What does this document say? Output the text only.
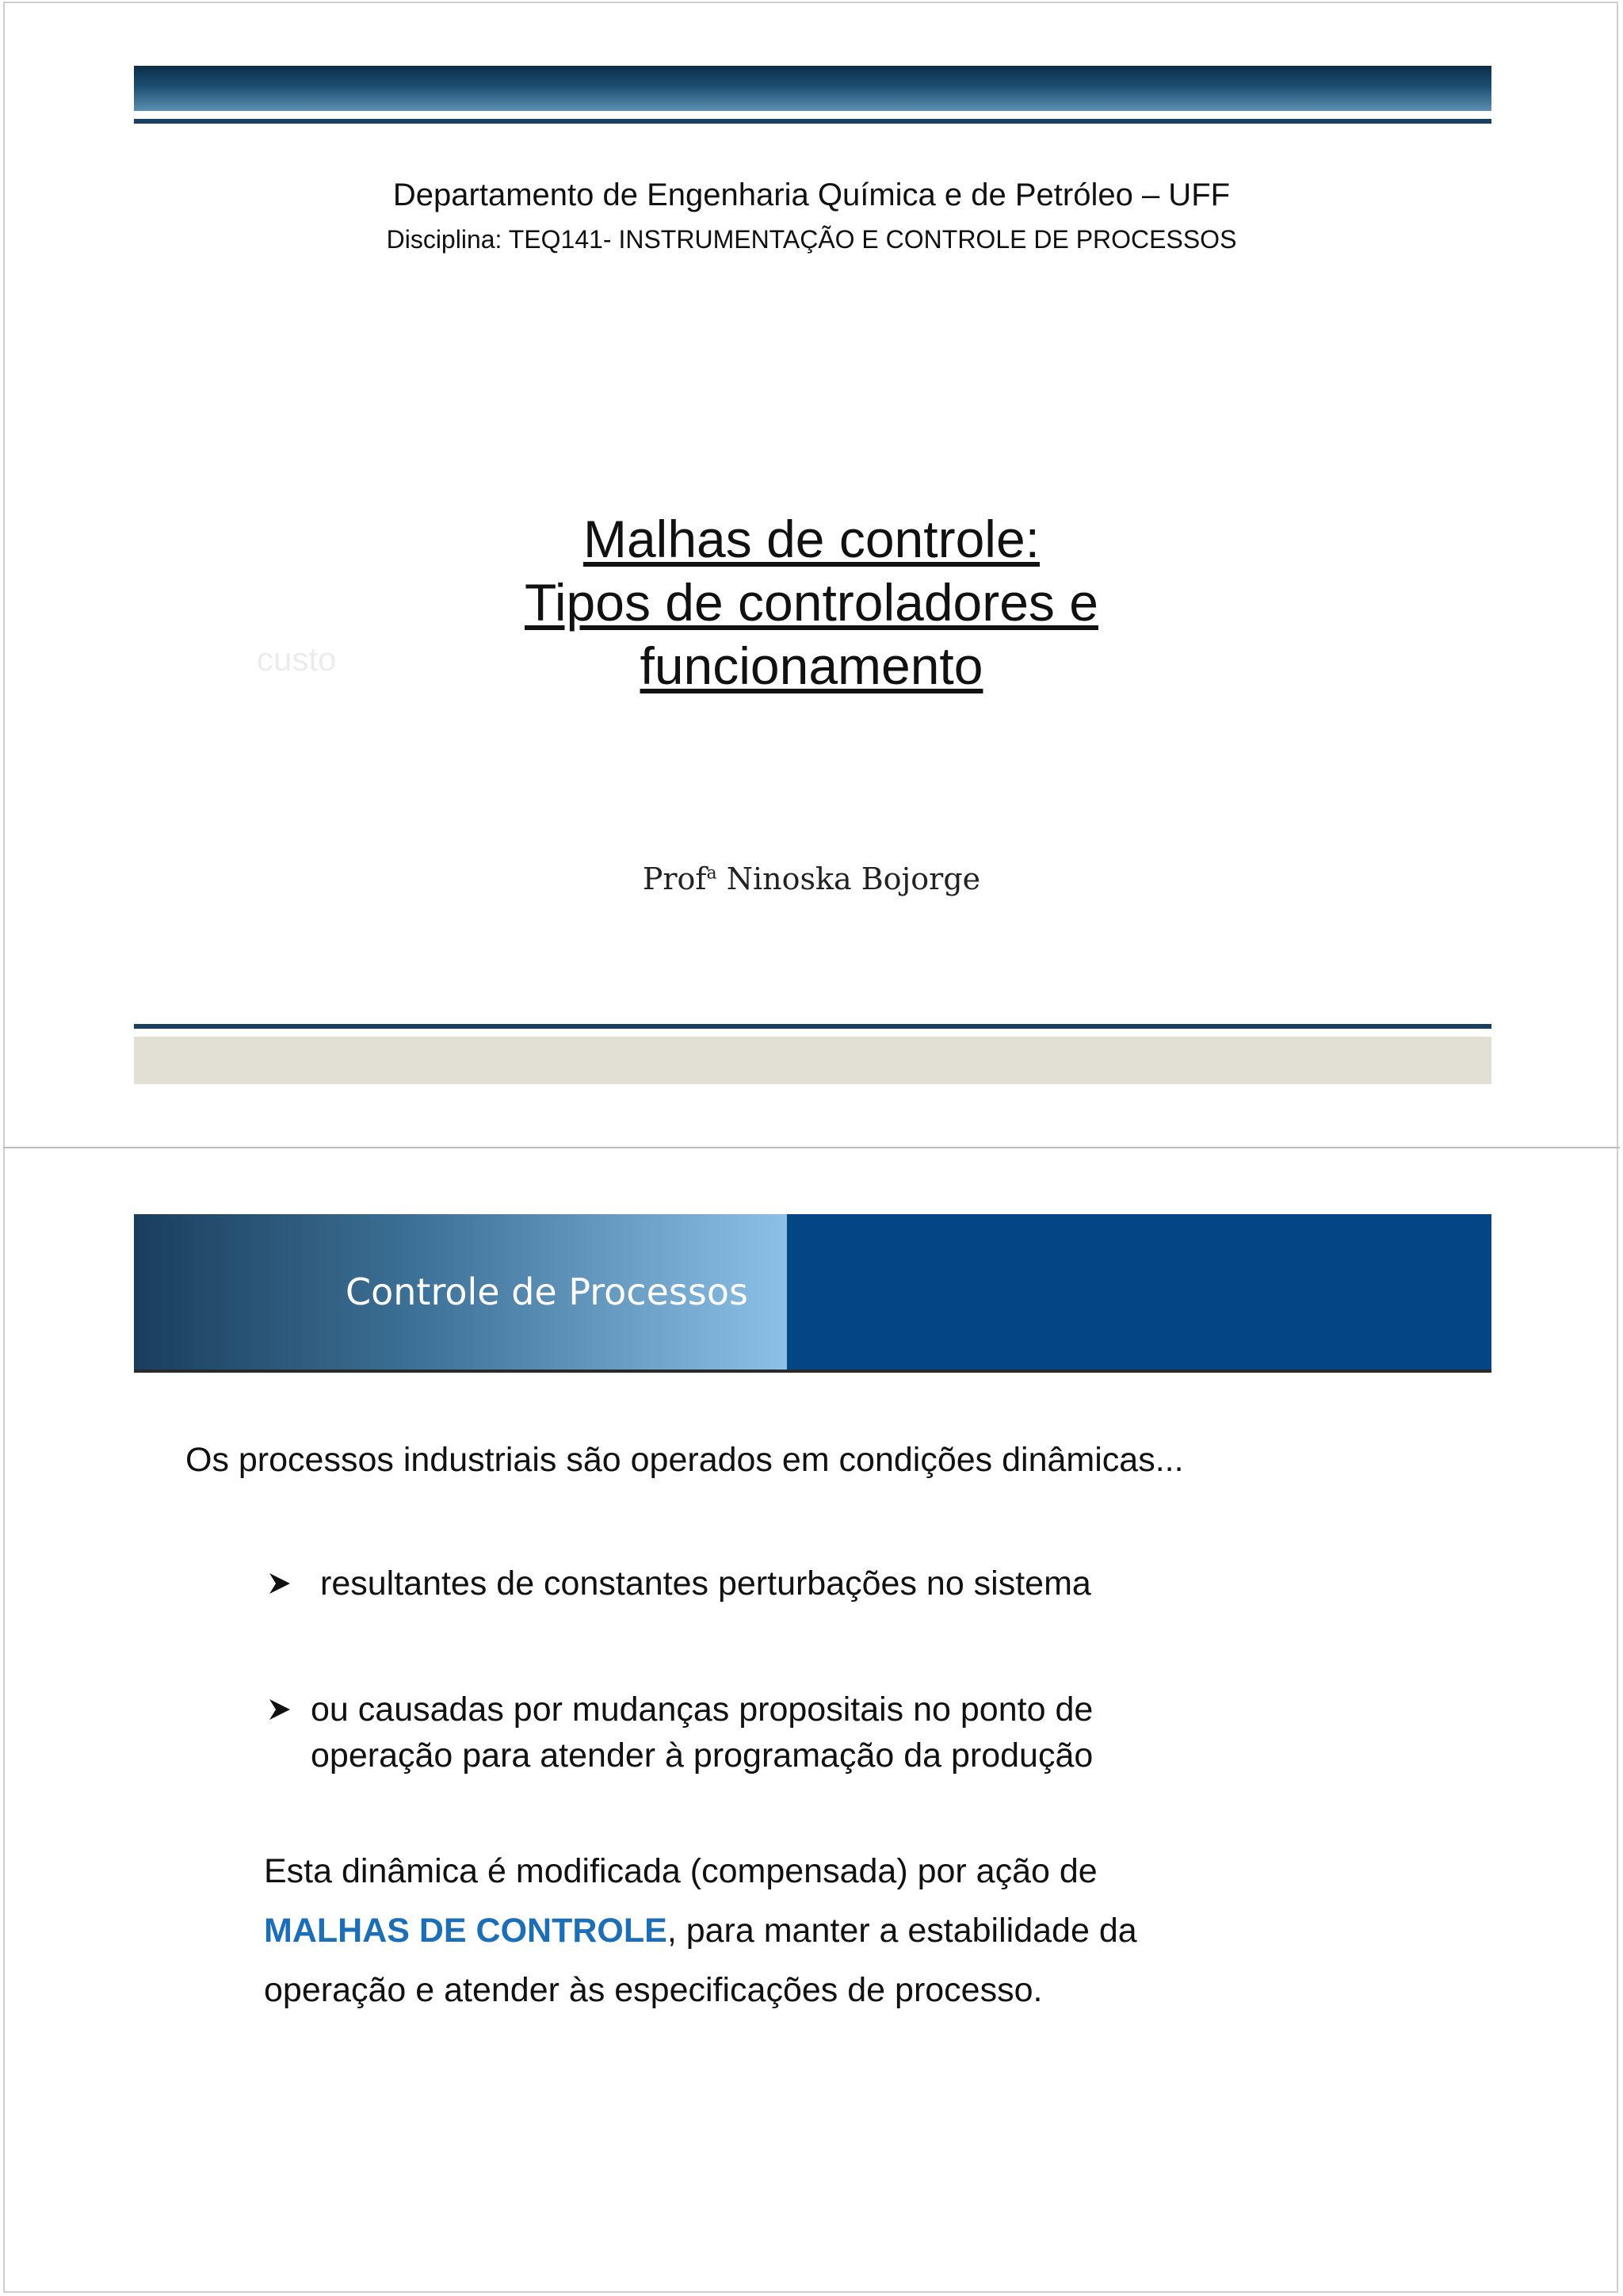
Departamento de Engenharia Química e de Petróleo – UFF
Disciplina: TEQ141- INSTRUMENTAÇÃO E CONTROLE DE PROCESSOS
custo
Malhas de controle:
Tipos de controladores e
funcionamento
Prof$^a$ Ninoska Bojorge
Controle de Processos
Os processos industriais são operados em condições dinâmicas...
resultantes de constantes perturbações no sistema
ou causadas por mudanças propositais no ponto de
operação para atender à programação da produção
Esta dinâmica é modificada (compensada) por ação de
MALHAS DE CONTROLE, para manter a estabilidade da
operação e atender às especificações de processo.
